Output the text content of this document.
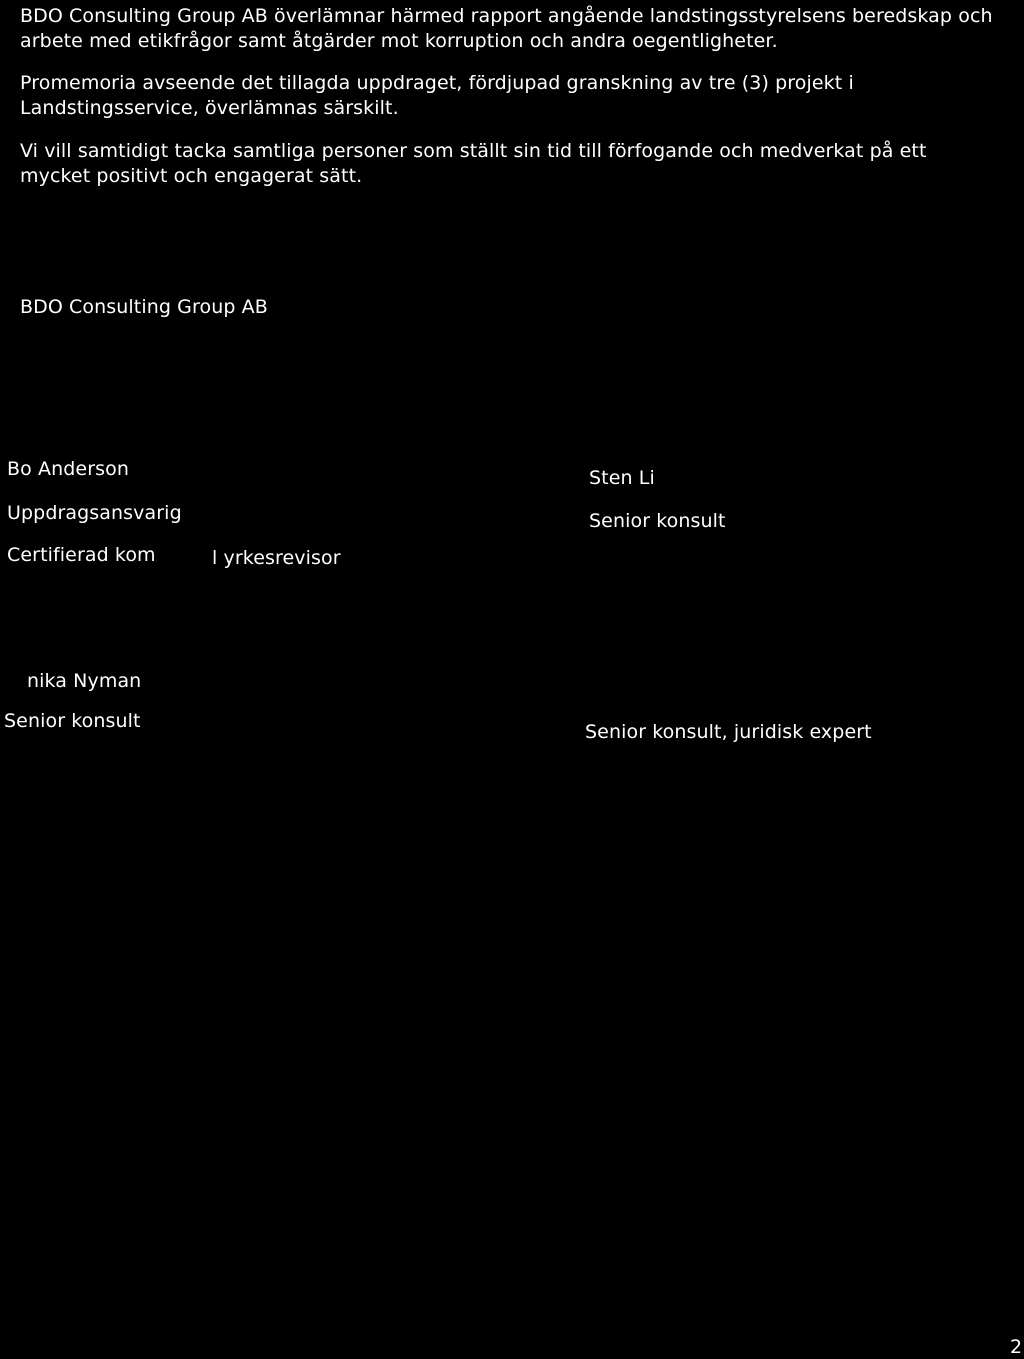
BDO Consulting Group AB överlämnar härmed rapport angående landstingsstyrelsens beredskap och
arbete med etikfrågor samt åtgärder mot korruption och andra oegentligheter.

Promemoria avseende det tillagda uppdraget, fördjupad granskning av tre (3) projekt i
Landstingsservice, överlämnas särskilt.

Vi vill samtidigt tacka samtliga personer som ställt sin tid till förfogande och medverkat på ett
mycket positivt och engagerat sätt.

BDO Consulting Group AB
Bo Anderson
Uppdragsansvarig
Certifierad kom	l yrkesrevisor
Sten Li
Senior konsult
nika Nyman
Senior konsult	Senior konsult, juridisk expert
2
